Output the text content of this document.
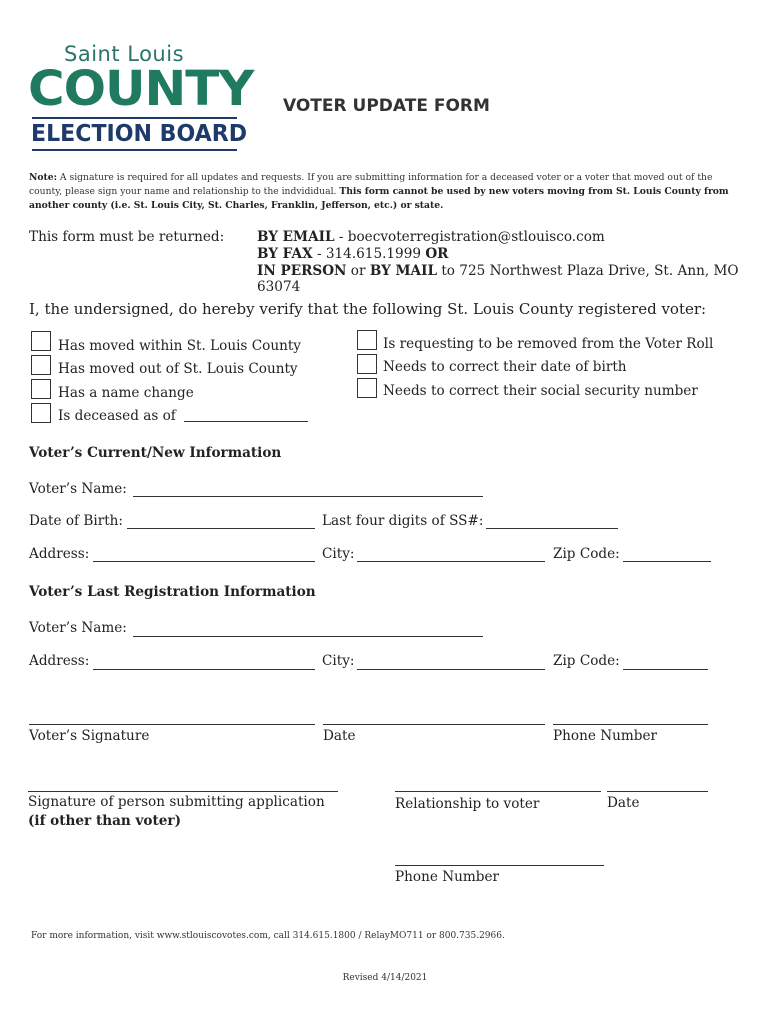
Saint Louis
COUNTY
ELECTION BOARD
VOTER UPDATE FORM
Note: A signature is required for all updates and requests. If you are submitting information for a deceased voter or a voter that moved out of the county, please sign your name and relationship to the indvididual. This form cannot be used by new voters moving from St. Louis County from another county (i.e. St. Louis City, St. Charles, Franklin, Jefferson, etc.) or state.
This form must be returned: BY EMAIL - boecvoterregistration@stlouisco.com
BY FAX - 314.615.1999 OR
IN PERSON or BY MAIL to 725 Northwest Plaza Drive, St. Ann, MO 63074
I, the undersigned, do hereby verify that the following St. Louis County registered voter:
Has moved within St. Louis County
Has moved out of St. Louis County
Has a name change
Is deceased as of
Is requesting to be removed from the Voter Roll
Needs to correct their date of birth
Needs to correct their social security number
Voter’s Current/New Information
Voter’s Name:
Date of Birth:	Last four digits of SS#:
Address:	City:	Zip Code:
Voter’s Last Registration Information
Voter’s Name:
Address:	City:	Zip Code:
Voter’s Signature	Date	Phone Number
Signature of person submitting application
(if other than voter)
Relationship to voter	Date
Phone Number
For more information, visit www.stlouiscovotes.com, call 314.615.1800 / RelayMO711 or 800.735.2966.
Revised 4/14/2021
